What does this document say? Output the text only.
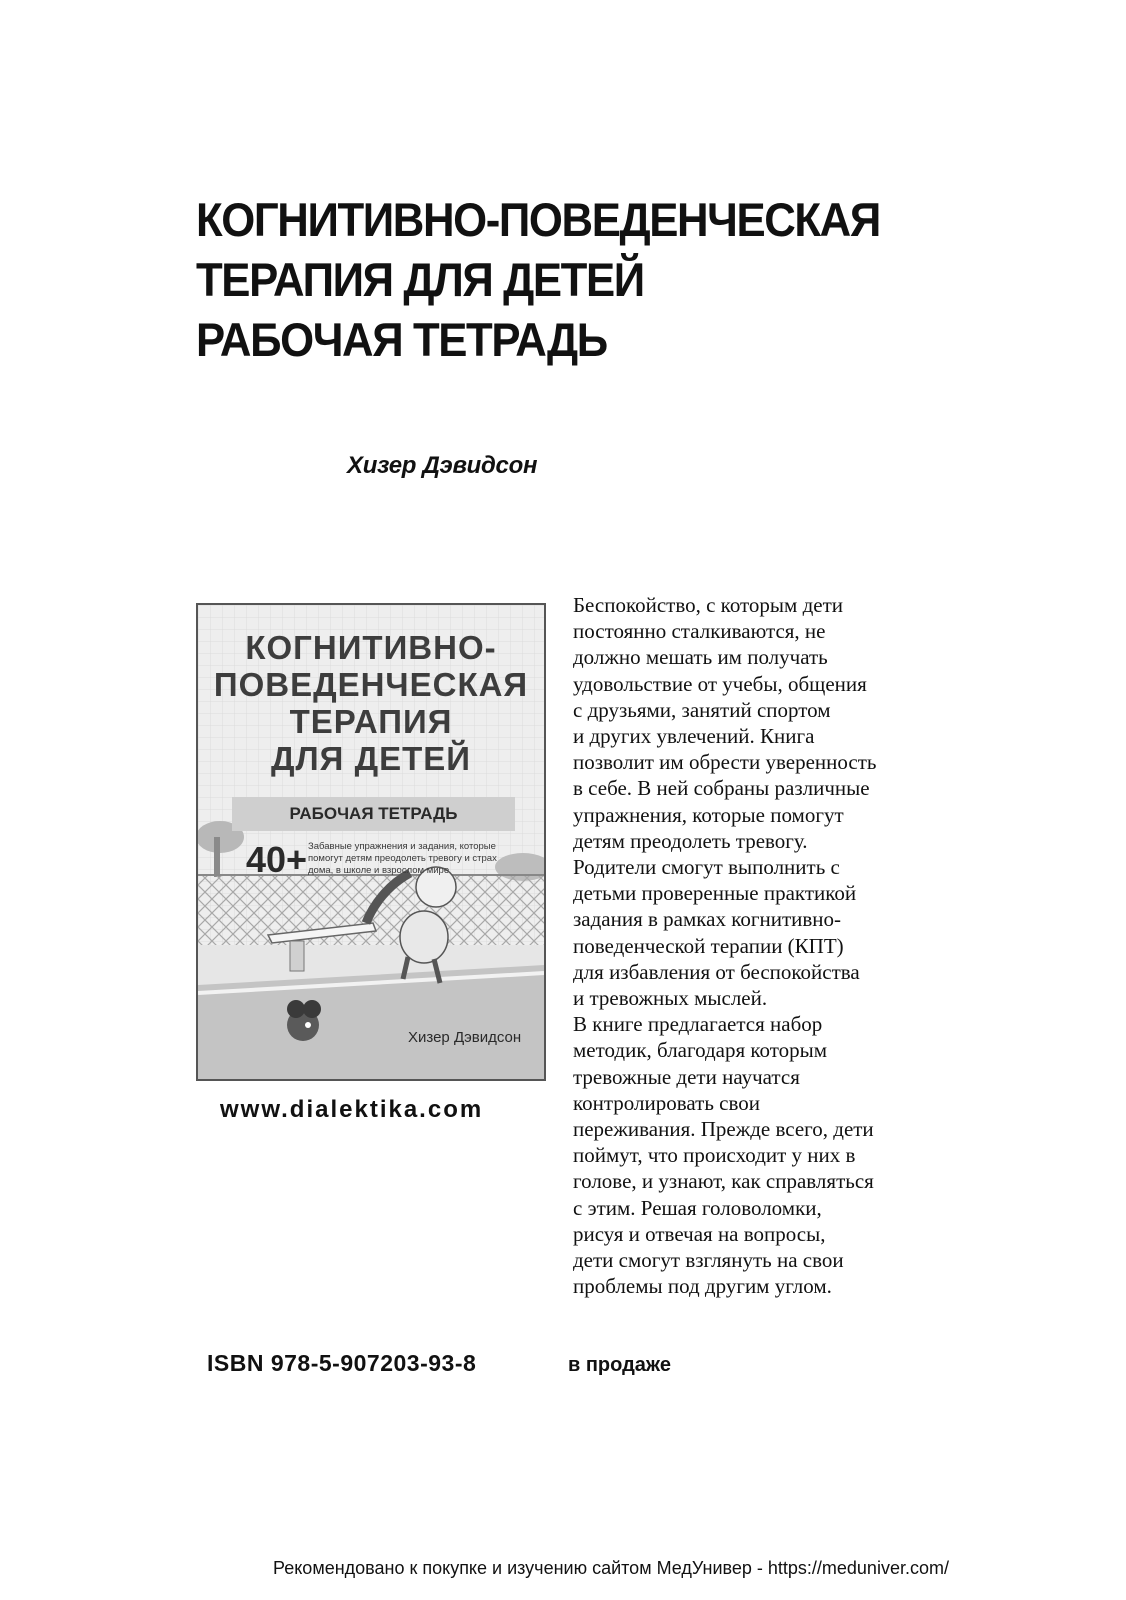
КОГНИТИВНО-ПОВЕДЕНЧЕСКАЯ
ТЕРАПИЯ ДЛЯ ДЕТЕЙ
РАБОЧАЯ ТЕТРАДЬ
Хизер Дэвидсон
КОГНИТИВНО-
ПОВЕДЕНЧЕСКАЯ
ТЕРАПИЯ
ДЛЯ ДЕТЕЙ
РАБОЧАЯ ТЕТРАДЬ
40+ Забавные упражнения и задания, которые помогут детям преодолеть тревогу и страх дома, в школе и взрослом мире
Хизер Дэвидсон
www.dialektika.com
Беспокойство, с которым дети
постоянно сталкиваются, не
должно мешать им получать
удовольствие от учебы, общения
с друзьями, занятий спортом
и других увлечений. Книга
позволит им обрести уверенность
в себе. В ней собраны различные
упражнения, которые помогут
детям преодолеть тревогу.
Родители смогут выполнить с
детьми проверенные практикой
задания в рамках когнитивно-
поведенческой терапии (КПТ)
для избавления от беспокойства
и тревожных мыслей.
В книге предлагается набор
методик, благодаря которым
тревожные дети научатся
контролировать свои
переживания. Прежде всего, дети
поймут, что происходит у них в
голове, и узнают, как справляться
с этим. Решая головоломки,
рисуя и отвечая на вопросы,
дети смогут взглянуть на свои
проблемы под другим углом.
ISBN 978-5-907203-93-8	в продаже
Рекомендовано к покупке и изучению сайтом МедУнивер - https://meduniver.com/
